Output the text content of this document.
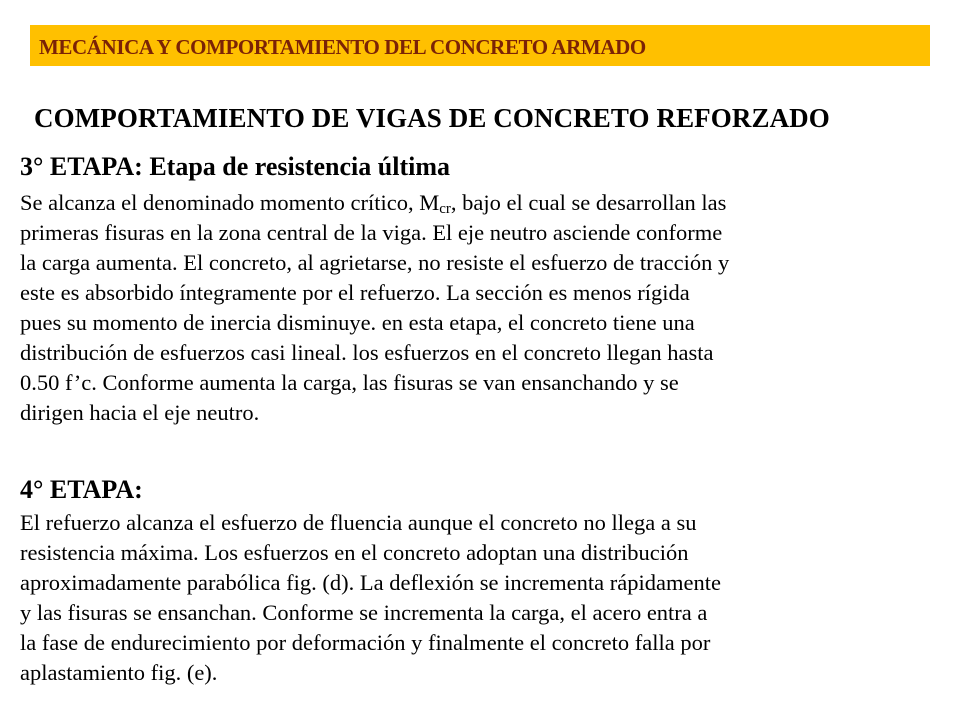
MECÁNICA Y COMPORTAMIENTO DEL CONCRETO ARMADO
COMPORTAMIENTO DE VIGAS DE CONCRETO REFORZADO
3° ETAPA: Etapa de resistencia última
Se alcanza el denominado momento crítico, $M_{cr}$, bajo el cual se desarrollan las
primeras fisuras en la zona central de la viga. El eje neutro asciende conforme
la carga aumenta. El concreto, al agrietarse, no resiste el esfuerzo de tracción y
este es absorbido íntegramente por el refuerzo. La sección es menos rígida
pues su momento de inercia disminuye. en esta etapa, el concreto tiene una
distribución de esfuerzos casi lineal. los esfuerzos en el concreto llegan hasta
0.50 f’c. Conforme aumenta la carga, las fisuras se van ensanchando y se
dirigen hacia el eje neutro.
4° ETAPA:
El refuerzo alcanza el esfuerzo de fluencia aunque el concreto no llega a su
resistencia máxima. Los esfuerzos en el concreto adoptan una distribución
aproximadamente parabólica fig. (d). La deflexión se incrementa rápidamente
y las fisuras se ensanchan. Conforme se incrementa la carga, el acero entra a
la fase de endurecimiento por deformación y finalmente el concreto falla por
aplastamiento fig. (e).
